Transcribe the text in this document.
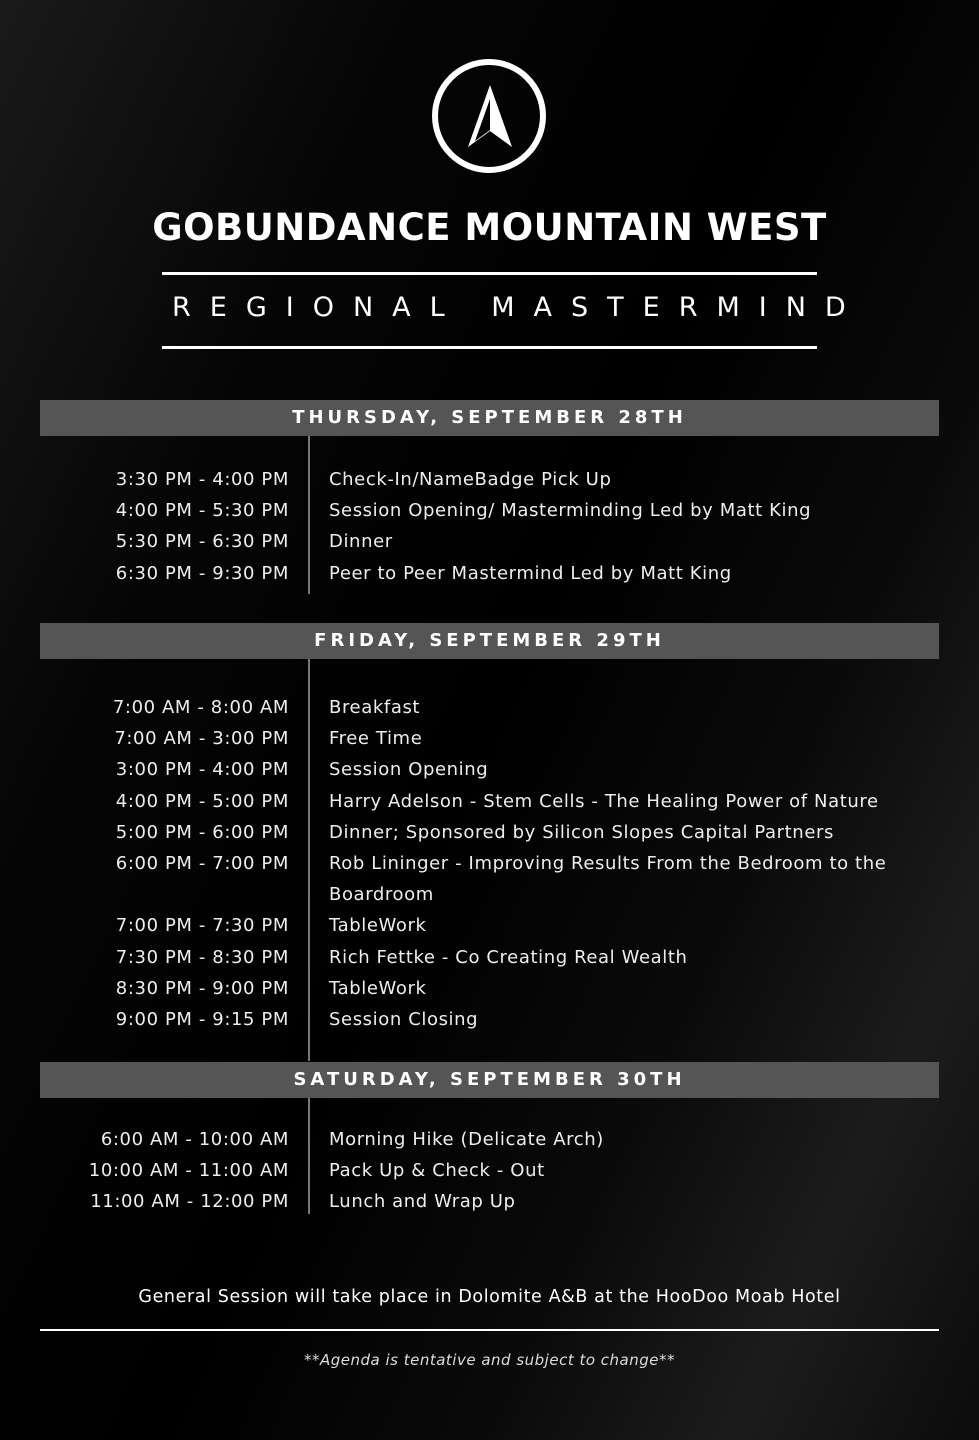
GOBUNDANCE MOUNTAIN WEST
REGIONAL MASTERMIND
THURSDAY, SEPTEMBER 28TH
3:30 PM - 4:00 PM Check-In/NameBadge Pick Up
4:00 PM - 5:30 PM Session Opening/ Masterminding Led by Matt King
5:30 PM - 6:30 PM Dinner
6:30 PM - 9:30 PM Peer to Peer Mastermind Led by Matt King
FRIDAY, SEPTEMBER 29TH
7:00 AM - 8:00 AM Breakfast
7:00 AM - 3:00 PM Free Time
3:00 PM - 4:00 PM Session Opening
4:00 PM - 5:00 PM Harry Adelson - Stem Cells - The Healing Power of Nature
5:00 PM - 6:00 PM Dinner; Sponsored by Silicon Slopes Capital Partners
6:00 PM - 7:00 PM Rob Lininger - Improving Results From the Bedroom to the Boardroom
7:00 PM - 7:30 PM TableWork
7:30 PM - 8:30 PM Rich Fettke - Co Creating Real Wealth
8:30 PM - 9:00 PM TableWork
9:00 PM - 9:15 PM Session Closing
SATURDAY, SEPTEMBER 30TH
6:00 AM - 10:00 AM Morning Hike (Delicate Arch)
10:00 AM - 11:00 AM Pack Up & Check - Out
11:00 AM - 12:00 PM Lunch and Wrap Up
General Session will take place in Dolomite A&B at the HooDoo Moab Hotel
**Agenda is tentative and subject to change**
